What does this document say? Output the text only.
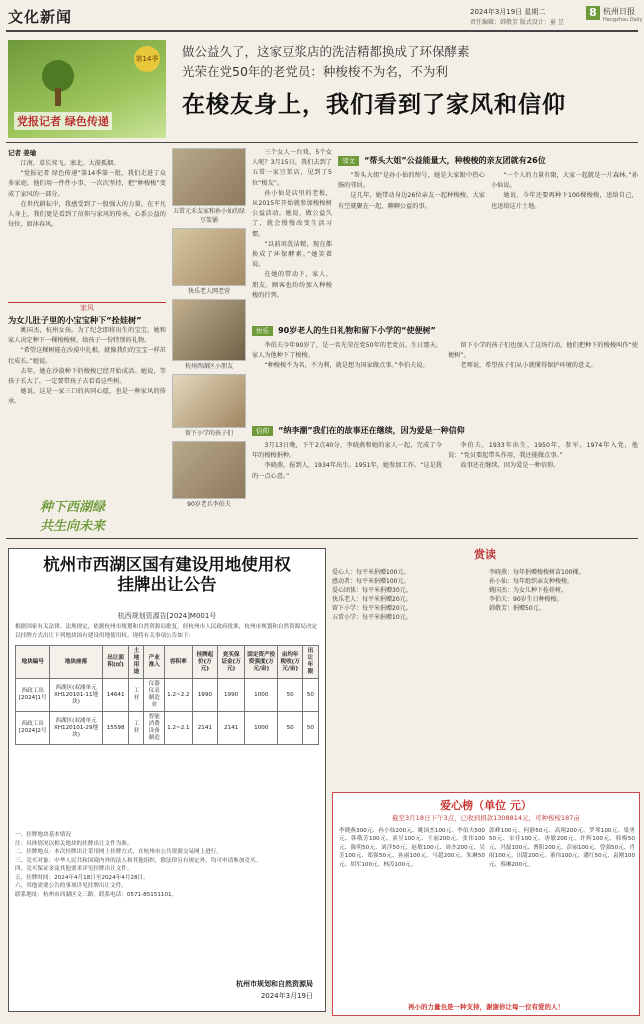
文化新闻	2024年3月19日 星期二
责任编辑：韩敬芳 版式设计：童 昱
8 杭州日报
Hangzhou Daily
第14季
党报记者 绿色传递
做公益久了，这家豆浆店的洗洁精都换成了环保酵素
光荣在党50年的老党员：种梭梭不为名，不为利
在梭友身上，我们看到了家风和信仰
记者 姜瑜

江南，草长莺飞。塞北，大漠孤烟。

“党报记者 绿色传递”第14季第一批，我们走进了众多家庭，他们用一件件小事、一次次坚持，把“种梭梭”变成了家风的一部分。

在世代耕耘中，我感受到了一股强大的力量。在平凡人身上，我们更是看到了信仰与家风的传承。心系公益的每位，如沐春风。

家风
为女儿肚子里的小宝宝种下“拴娃树”

姚国杰，杭州女孩。为了纪念即将出生的宝宝，她和家人决定种下一棵梭梭树，给孩子一份特别的礼物。

“希望这棵树能在沙漠中扎根，就像我们的宝宝一样茁壮成长。”她说。

去年，她在沙漠种下的梭梭已经开始成活。她说，等孩子长大了，一定要带孩子去看看这些树。

她说，这是一家三口的共同心愿，也是一种家风的传承。

种下西湖绿
共生向未来
五常元禾友家和孙小仙的绿豆浆铺
快乐老人网老营
杭州西湖区小朋友
留下小学的孩子们
90岁老兵李伯夫

三个女人一台戏，5个女人呢？3月15日，我们去到了五常一家豆浆店，见到了5位“梭友”。

孙小仙是店里的老板，从2015年开始就参加梭梭树公益活动。她说，做公益久了，就会慢慢改变生活习惯。

“以前用洗洁精，现在都换成了环保酵素。”她笑着说。

在她的带动下，家人、朋友、顾客也纷纷加入种梭梭的行列。

邻文 “帮头大姐”公益能量大，种梭梭的亲友团就有26位

“帮头大姐”是孙小仙的绰号，她是大家眼中热心肠的邻居。

这几年，她带动身边26位亲友一起种梭梭，大家有空就聚在一起，聊聊公益的事。

“一个人的力量有限，大家一起就是一片森林。”孙小仙说。

她说，今年还要再种下100棵梭梭，送给自己，也送给这片土地。

快乐 90岁老人的生日礼物和留下小学的“使便树”

李伯夫今年90岁了，是一名光荣在党50年的老党员。生日那天，家人为他种下了梭梭。

“种梭梭不为名，不为利，就是想为国家做点事。”李伯夫说。

留下小学的孩子们也加入了这场行动，他们把种下的梭梭叫作“使便树”。

老师说，希望孩子们从小就懂得保护环境的意义。

信仰 “纳李潮”我们在的故事还在继续，因为爱是一种信仰

3月13日晚，下午2点40分，李晓燕和她的家人一起，完成了今年的梭梭捐种。

李晓燕，报到人，1934年出生。1951年，她参加工作。“这是我的一点心意。”

李伯夫，1933年出生，1950年，参军。1974年入党，他说：“党员要起带头作用，我还能做点事。”

故事还在继续，因为爱是一种信仰。

杭州市西湖区国有建设用地使用权
挂牌出让公告
杭西规划资源告[2024]M001号
根据国家有关法律、法规规定，依据杭州市规划和自然资源局批复，经杭州市人民政府批准，杭州市规划和自然资源局决定以挂牌方式出让下列地块国有建设用地使用权。现将有关事项公告如下：
地块编号	地块座落	出让面积(㎡)	土地用途	产业准入	容积率	挂牌起价(万元)	竞买保证金(万元)	固定资产投资强度(万元/亩)	亩均年税收(万元/亩)	出让年限
西政工出[2024]1号	西湖区(双浦单元XH120101-11地块)	14641	工业	仪器仪表制造业	1.2~2.2	1990	1990	1000	50	50
西政工出[2024]2号	西湖区(双浦单元XH120101-29地块)	15598	工业	智能消费设备制造	1.2~2.1	2141	2141	1000	50	50
一、挂牌地块基本情况
注：具体情况以相关地块的挂牌出让文件为准。
二、挂牌地点：本次挂牌出让采用网上挂牌方式，在杭州市公共资源交易网上进行。
三、竞买对象：中华人民共和国境内外的法人和其他组织，除法律另有规定外，均可申请参加竞买。
四、竞买保证金及其他要求详见挂牌出让文件。
五、挂牌时间：2024年4月18日至2024年4月28日。
六、其他需要公告的事项详见挂牌出让文件。
联系地址：杭州市西湖区文三路。联系电话：0571-85151101。
杭州市规划和自然资源局
2024年3月19日
赏读

爱心人：每平米捐赠100元。

感动者：每平米捐赠100元。

爱心团体：每平米捐赠30元。

快乐老人：每平米捐赠20元。

留下小学：每平米捐赠20元。

五常小学：每平米捐赠10元。

李晓燕：每年捐赠梭梭树苗100棵。

孙小仙：每年组织亲友种梭梭。

姚国杰：为女儿种下拴娃树。

李伯夫：90岁生日种梭梭。

韩敬芳：捐赠50元。

爱心榜（单位 元）
截至3月18日下午3点，已收到捐款1308814元，可种梭梭187亩

李晓燕300元、孙小仙200元、姚国杰100元、李伯夫500元、韩敬芳100元、童昱100元、王丽200元、张伟100元、陈明50元、刘洋50元、赵敏100元、周杰200元、吴芳100元、郑强50元、孙丽100元、马超200元、朱琳50元、胡军100元、林涛100元。

郭峰100元、何静50元、高翔200元、罗琴100元、梁勇50元、宋佳100元、唐敏200元、许辉100元、韩梅50元、冯磊100元、曹阳200元、彭丽100元、曾强50元、肖雨100元、田甜200元、董伟100元、潘红50元、袁刚100元、蔡琳200元。

再小的力量也是一种支持，谢谢你让每一位有爱的人！
